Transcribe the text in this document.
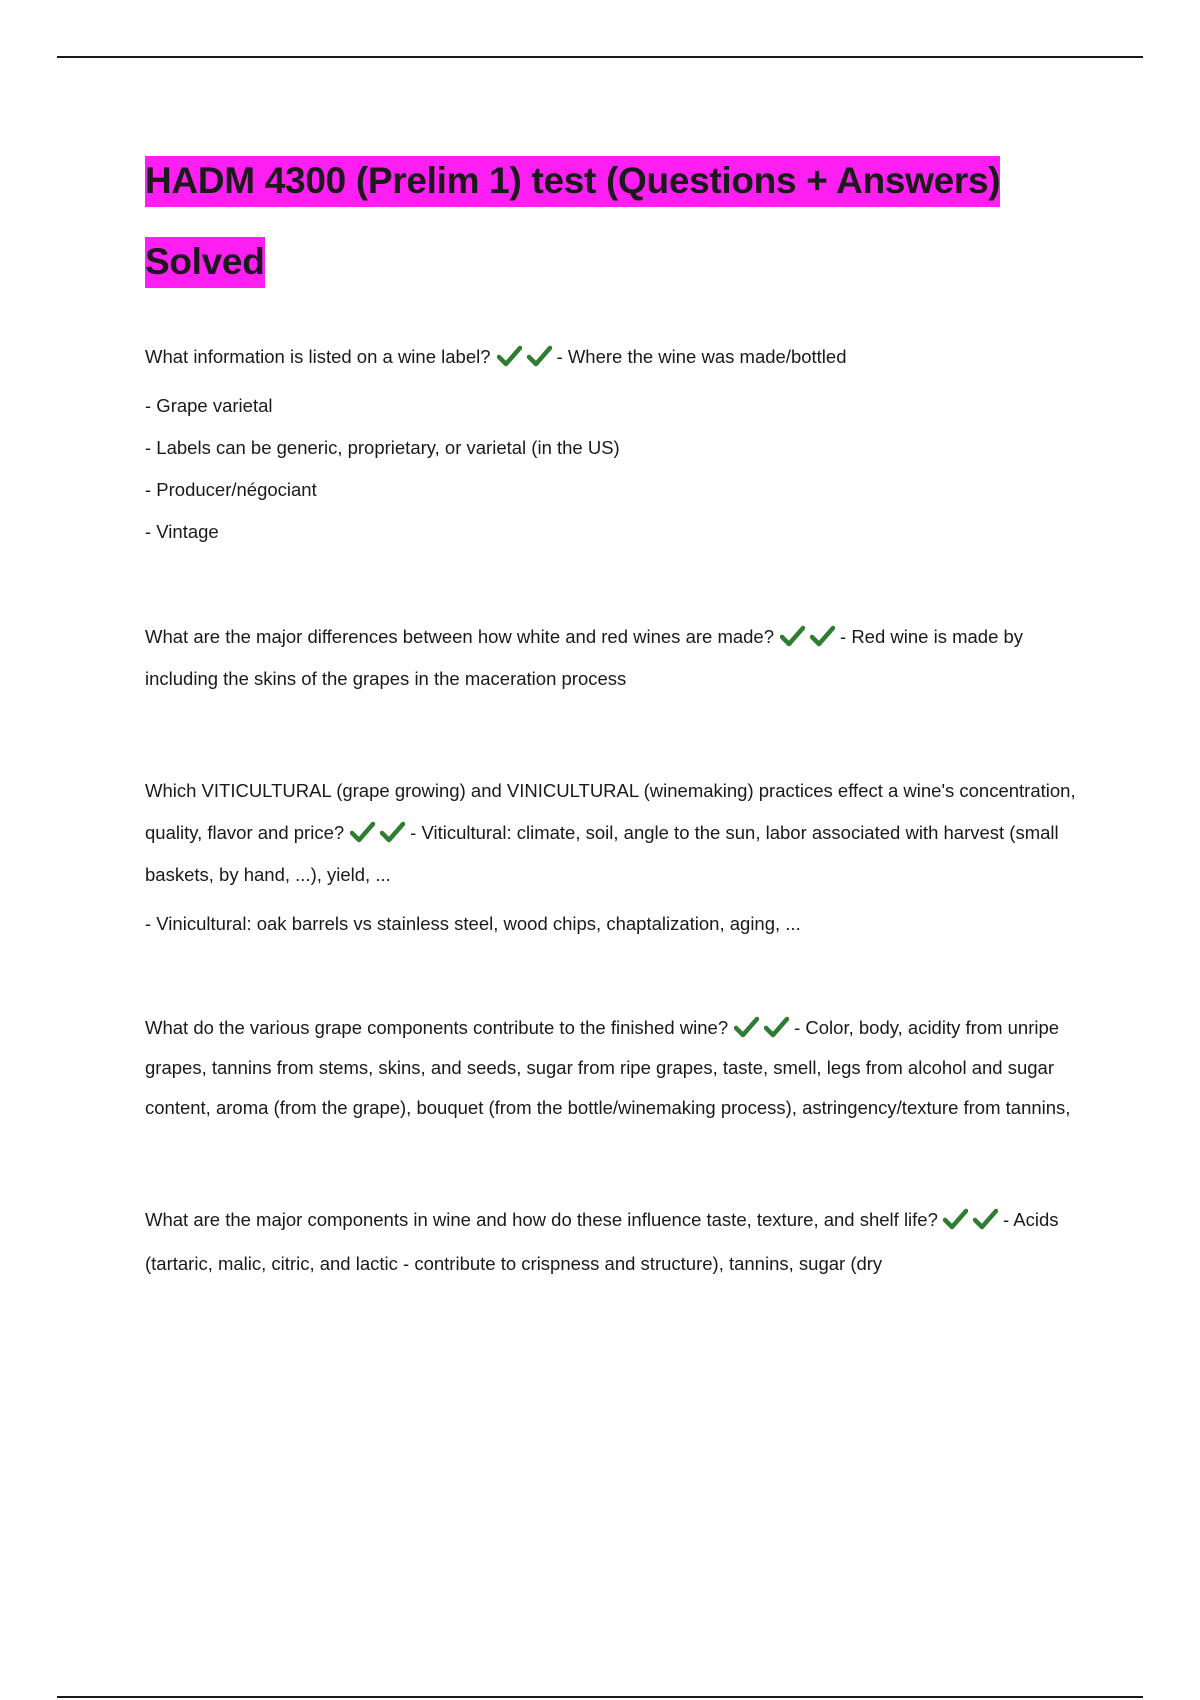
HADM 4300 (Prelim 1) test (Questions + Answers) Solved

What information is listed on a wine label?	- Where the wine was made/bottled

- Grape varietal

- Labels can be generic, proprietary, or varietal (in the US)

- Producer/négociant

- Vintage

What are the major differences between how white and red wines are made?	- Red wine is made by including the skins of the grapes in the maceration process

Which VITICULTURAL (grape growing) and VINICULTURAL (winemaking) practices effect a wine's concentration, quality, flavor and price?	- Viticultural: climate, soil, angle to the sun, labor associated with harvest (small baskets, by hand, ...), yield, ...

- Vinicultural: oak barrels vs stainless steel, wood chips, chaptalization, aging, ...

What do the various grape components contribute to the finished wine?	- Color, body, acidity from unripe grapes, tannins from stems, skins, and seeds, sugar from ripe grapes, taste, smell, legs from alcohol and sugar content, aroma (from the grape), bouquet (from the bottle/winemaking process), astringency/texture from tannins,

What are the major components in wine and how do these influence taste, texture, and shelf life?	- Acids (tartaric, malic, citric, and lactic - contribute to crispness and structure), tannins, sugar (dry
